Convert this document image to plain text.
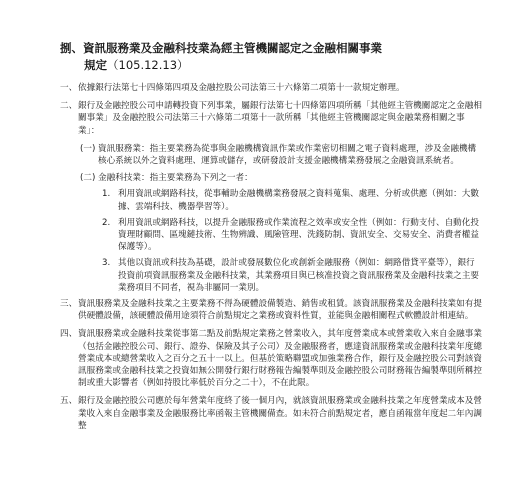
捌、資訊服務業及金融科技業為經主管機關認定之金融相關事業
規定（105.12.13）

一、 依據銀行法第七十四條第四項及金融控股公司法第三十六條第二項第十一款規定辦理。

二、 銀行及金融控股公司申請轉投資下列事業，屬銀行法第七十四條第四項所稱「其他經主管機關認定之金融相關事業」及金融控股公司法第三十六條第二項第十一款所稱「其他經主管機關認定與金融業務相關之事業」：

(一) 資訊服務業：指主要業務為從事與金融機構資訊作業或作業密切相關之電子資料處理，涉及金融機構核心系統以外之資料處理、運算或儲存，或研發設計支援金融機構業務發展之金融資訊系統者。

(二) 金融科技業：指主要業務為下列之一者：

1. 利用資訊或網路科技，從事輔助金融機構業務發展之資料蒐集、處理、分析或供應（例如：大數據、雲端科技、機器學習等）。

2. 利用資訊或網路科技，以提升金融服務或作業流程之效率或安全性（例如：行動支付、自動化投資理財顧問、區塊鏈技術、生物辨識、風險管理、洗錢防制、資訊安全、交易安全、消費者權益保護等）。

3. 其他以資訊或科技為基礎，設計或發展數位化或創新金融服務（例如：網路借貸平臺等），銀行投資前項資訊服務業及金融科技業，其業務項目與已核准投資之資訊服務業及金融科技業之主要業務項目不同者，視為非屬同一業別。

三、 資訊服務業及金融科技業之主要業務不得為硬體設備製造、銷售或租賃。該資訊服務業及金融科技業如有提供硬體設備，該硬體設備用途須符合前點規定之業務或資料性質，並能與金融相關程式軟體設計相連結。

四、 資訊服務業或金融科技業從事第二點及前點規定業務之營業收入，其年度營業成本或營業收入來自金融事業（包括金融控股公司、銀行、證券、保險及其子公司）及金融服務者，應達資訊服務業或金融科技業年度總營業成本或總營業收入之百分之五十一以上。但基於策略聯盟或加強業務合作，銀行及金融控股公司對該資訊服務業或金融科技業之投資如無公開發行銀行財務報告編製準則及金融控股公司財務報告編製準則所稱控制或重大影響者（例如持股比率低於百分之二十），不在此限。

五、 銀行及金融控股公司應於每年營業年度終了後一個月內，就該資訊服務業或金融科技業之年度營業成本及營業收入來自金融事業及金融服務比率函報主管機關備查。如未符合前點規定者，應自函報當年度起二年內調整
